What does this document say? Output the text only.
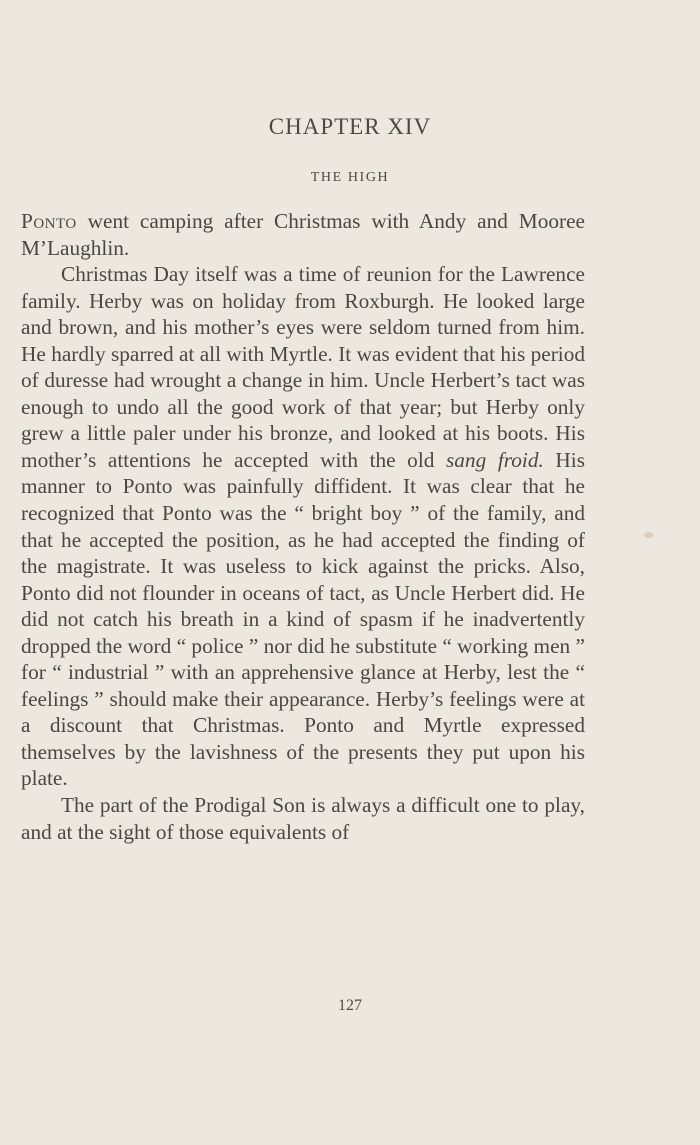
CHAPTER XIV
THE HIGH

Ponto went camping after Christmas with Andy and Mooree M’Laughlin.

Christmas Day itself was a time of reunion for the Lawrence family. Herby was on holiday from Roxburgh. He looked large and brown, and his mother’s eyes were seldom turned from him. He hardly sparred at all with Myrtle. It was evident that his period of duresse had wrought a change in him. Uncle Herbert’s tact was enough to undo all the good work of that year; but Herby only grew a little paler under his bronze, and looked at his boots. His mother’s attentions he accepted with the old sang froid. His manner to Ponto was painfully diffident. It was clear that he recognized that Ponto was the “ bright boy ” of the family, and that he accepted the position, as he had accepted the finding of the magistrate. It was useless to kick against the pricks. Also, Ponto did not flounder in oceans of tact, as Uncle Herbert did. He did not catch his breath in a kind of spasm if he inadvertently dropped the word “ police ” nor did he substitute “ working men ” for “ industrial ” with an apprehensive glance at Herby, lest the “ feelings ” should make their appearance. Herby’s feelings were at a discount that Christmas. Ponto and Myrtle expressed themselves by the lavishness of the presents they put upon his plate.

The part of the Prodigal Son is always a difficult one to play, and at the sight of those equivalents of

127
